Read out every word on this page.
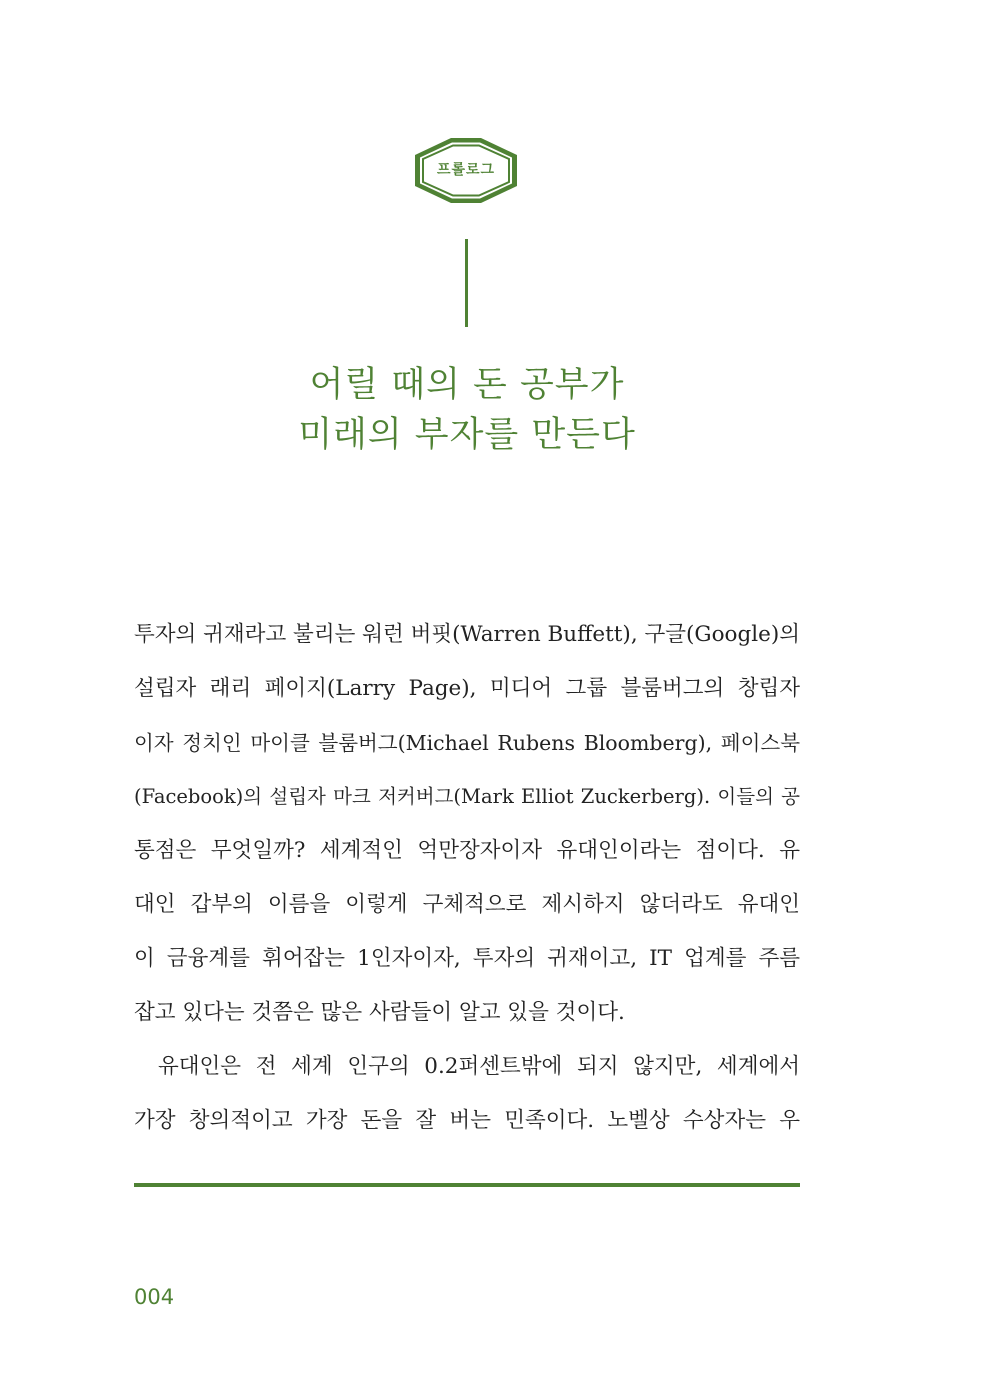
프롤로그
어릴 때의 돈 공부가
미래의 부자를 만든다
투자의 귀재라고 불리는 워런 버핏(Warren Buffett), 구글(Google)의
설립자 래리 페이지(Larry Page), 미디어 그룹 블룸버그의 창립자
이자 정치인 마이클 블룸버그(Michael Rubens Bloomberg), 페이스북
(Facebook)의 설립자 마크 저커버그(Mark Elliot Zuckerberg). 이들의 공
통점은 무엇일까? 세계적인 억만장자이자 유대인이라는 점이다. 유
대인 갑부의 이름을 이렇게 구체적으로 제시하지 않더라도 유대인
이 금융계를 휘어잡는 1인자이자, 투자의 귀재이고, IT 업계를 주름
잡고 있다는 것쯤은 많은 사람들이 알고 있을 것이다.
유대인은 전 세계 인구의 0.2퍼센트밖에 되지 않지만, 세계에서
가장 창의적이고 가장 돈을 잘 버는 민족이다. 노벨상 수상자는 우
004
